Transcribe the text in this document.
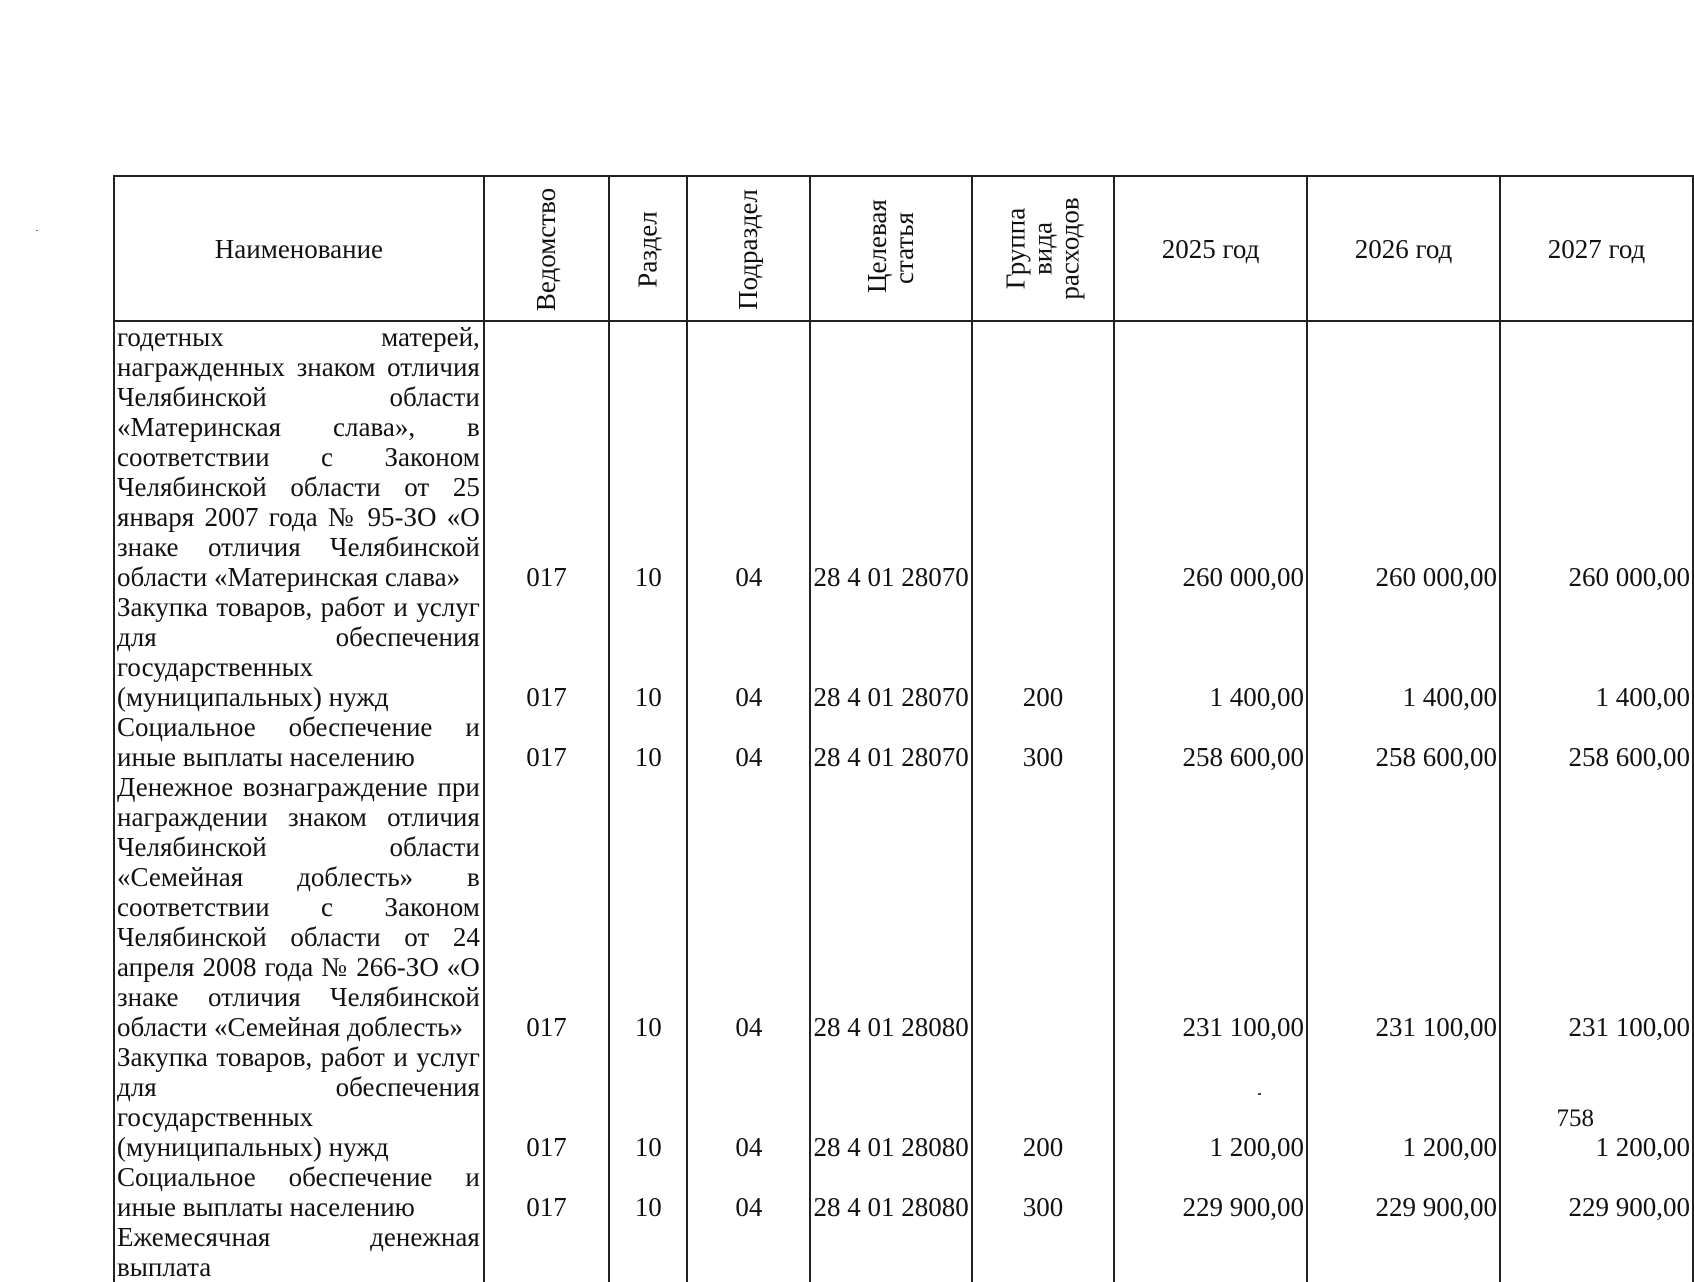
Наименование	Ведомство	Раздел	Подраздел	Целевая статья	Группа вида расходов	2025 год	2026 год	2027 год
годетных матерей, награжденных знаком отличия Челябинской области «Материнская слава», в соответствии с Законом Челябинской области от 25 января 2007 года № 95-ЗО «О знаке отличия Челябинской области «Материнская слава»	017	10	04	28 4 01 28070		260 000,00	260 000,00	260 000,00
Закупка товаров, работ и услуг для обеспечения государственных (муниципальных) нужд	017	10	04	28 4 01 28070	200	1 400,00	1 400,00	1 400,00
Социальное обеспечение и иные выплаты населению	017	10	04	28 4 01 28070	300	258 600,00	258 600,00	258 600,00
Денежное вознаграждение при награждении знаком отличия Челябинской области «Семейная доблесть» в соответствии с Законом Челябинской области от 24 апреля 2008 года № 266-ЗО «О знаке отличия Челябинской области «Семейная доблесть»	017	10	04	28 4 01 28080		231 100,00	231 100,00	231 100,00
Закупка товаров, работ и услуг для обеспечения государственных (муниципальных) нужд	017	10	04	28 4 01 28080	200	1 200,00	1 200,00	1 200,00
Социальное обеспечение и иные выплаты населению	017	10	04	28 4 01 28080	300	229 900,00	229 900,00	229 900,00
Ежемесячная денежная выплата								
758
